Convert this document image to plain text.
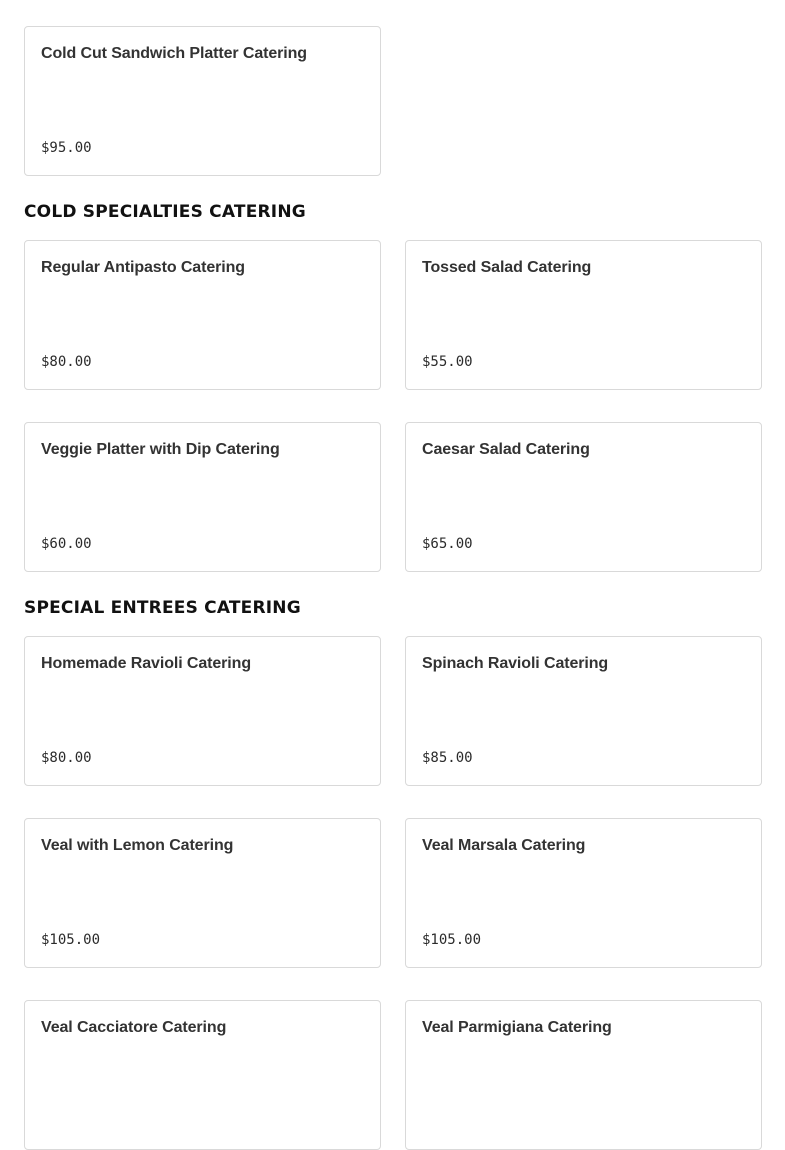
Cold Cut Sandwich Platter Catering
$95.00
COLD SPECIALTIES CATERING
Regular Antipasto Catering
$80.00
Tossed Salad Catering
$55.00
Veggie Platter with Dip Catering
$60.00
Caesar Salad Catering
$65.00
SPECIAL ENTREES CATERING
Homemade Ravioli Catering
$80.00
Spinach Ravioli Catering
$85.00
Veal with Lemon Catering
$105.00
Veal Marsala Catering
$105.00
Veal Cacciatore Catering	Veal Parmigiana Catering
